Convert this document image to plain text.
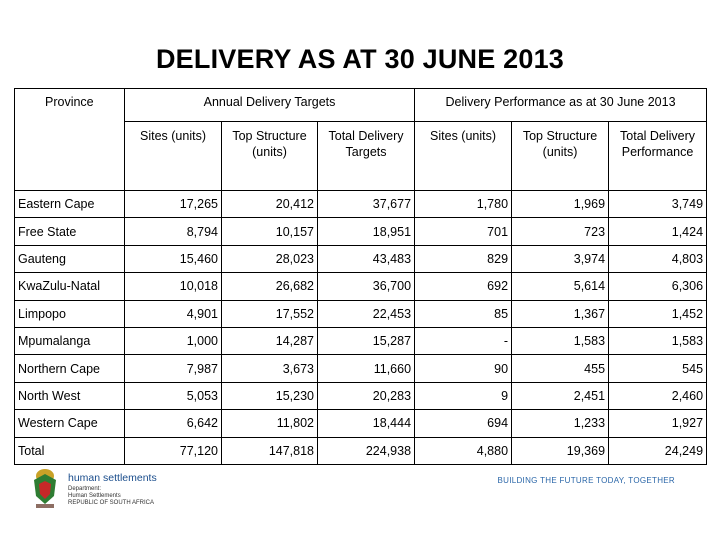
DELIVERY AS AT 30 JUNE 2013
Province	Annual Delivery Targets			Delivery Performance as at 30 June 2013		
	Sites (units)	Top Structure (units)	Total Delivery Targets	Sites (units)	Top Structure (units)	Total Delivery Performance
Eastern Cape	17,265	20,412	37,677	1,780	1,969	3,749
Free State	8,794	10,157	18,951	701	723	1,424
Gauteng	15,460	28,023	43,483	829	3,974	4,803
KwaZulu-Natal	10,018	26,682	36,700	692	5,614	6,306
Limpopo	4,901	17,552	22,453	85	1,367	1,452
Mpumalanga	1,000	14,287	15,287	-	1,583	1,583
Northern Cape	7,987	3,673	11,660	90	455	545
North West	5,053	15,230	20,283	9	2,451	2,460
Western Cape	6,642	11,802	18,444	694	1,233	1,927
Total	77,120	147,818	224,938	4,880	19,369	24,249
human settlements
Department:
Human Settlements
REPUBLIC OF SOUTH AFRICA
BUILDING THE FUTURE TODAY, TOGETHER
